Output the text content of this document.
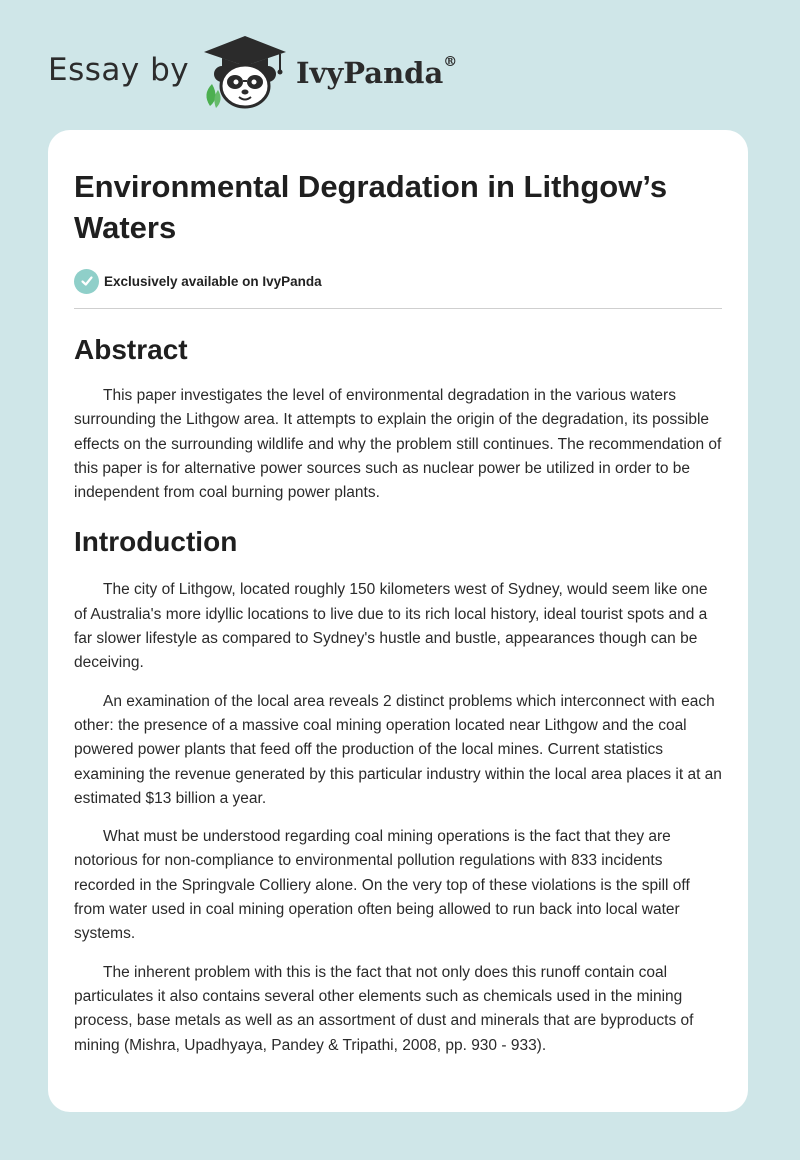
Essay by	IvyPanda®
Environmental Degradation in Lithgow’s Waters
Exclusively available on IvyPanda
Abstract

This paper investigates the level of environmental degradation in the various waters surrounding the Lithgow area. It attempts to explain the origin of the degradation, its possible effects on the surrounding wildlife and why the problem still continues. The recommendation of this paper is for alternative power sources such as nuclear power be utilized in order to be independent from coal burning power plants.

Introduction

The city of Lithgow, located roughly 150 kilometers west of Sydney, would seem like one of Australia's more idyllic locations to live due to its rich local history, ideal tourist spots and a far slower lifestyle as compared to Sydney's hustle and bustle, appearances though can be deceiving.

An examination of the local area reveals 2 distinct problems which interconnect with each other: the presence of a massive coal mining operation located near Lithgow and the coal powered power plants that feed off the production of the local mines. Current statistics examining the revenue generated by this particular industry within the local area places it at an estimated $13 billion a year.

What must be understood regarding coal mining operations is the fact that they are notorious for non-compliance to environmental pollution regulations with 833 incidents recorded in the Springvale Colliery alone. On the very top of these violations is the spill off from water used in coal mining operation often being allowed to run back into local water systems.

The inherent problem with this is the fact that not only does this runoff contain coal particulates it also contains several other elements such as chemicals used in the mining process, base metals as well as an assortment of dust and minerals that are byproducts of mining (Mishra, Upadhyaya, Pandey & Tripathi, 2008, pp. 930 - 933).
